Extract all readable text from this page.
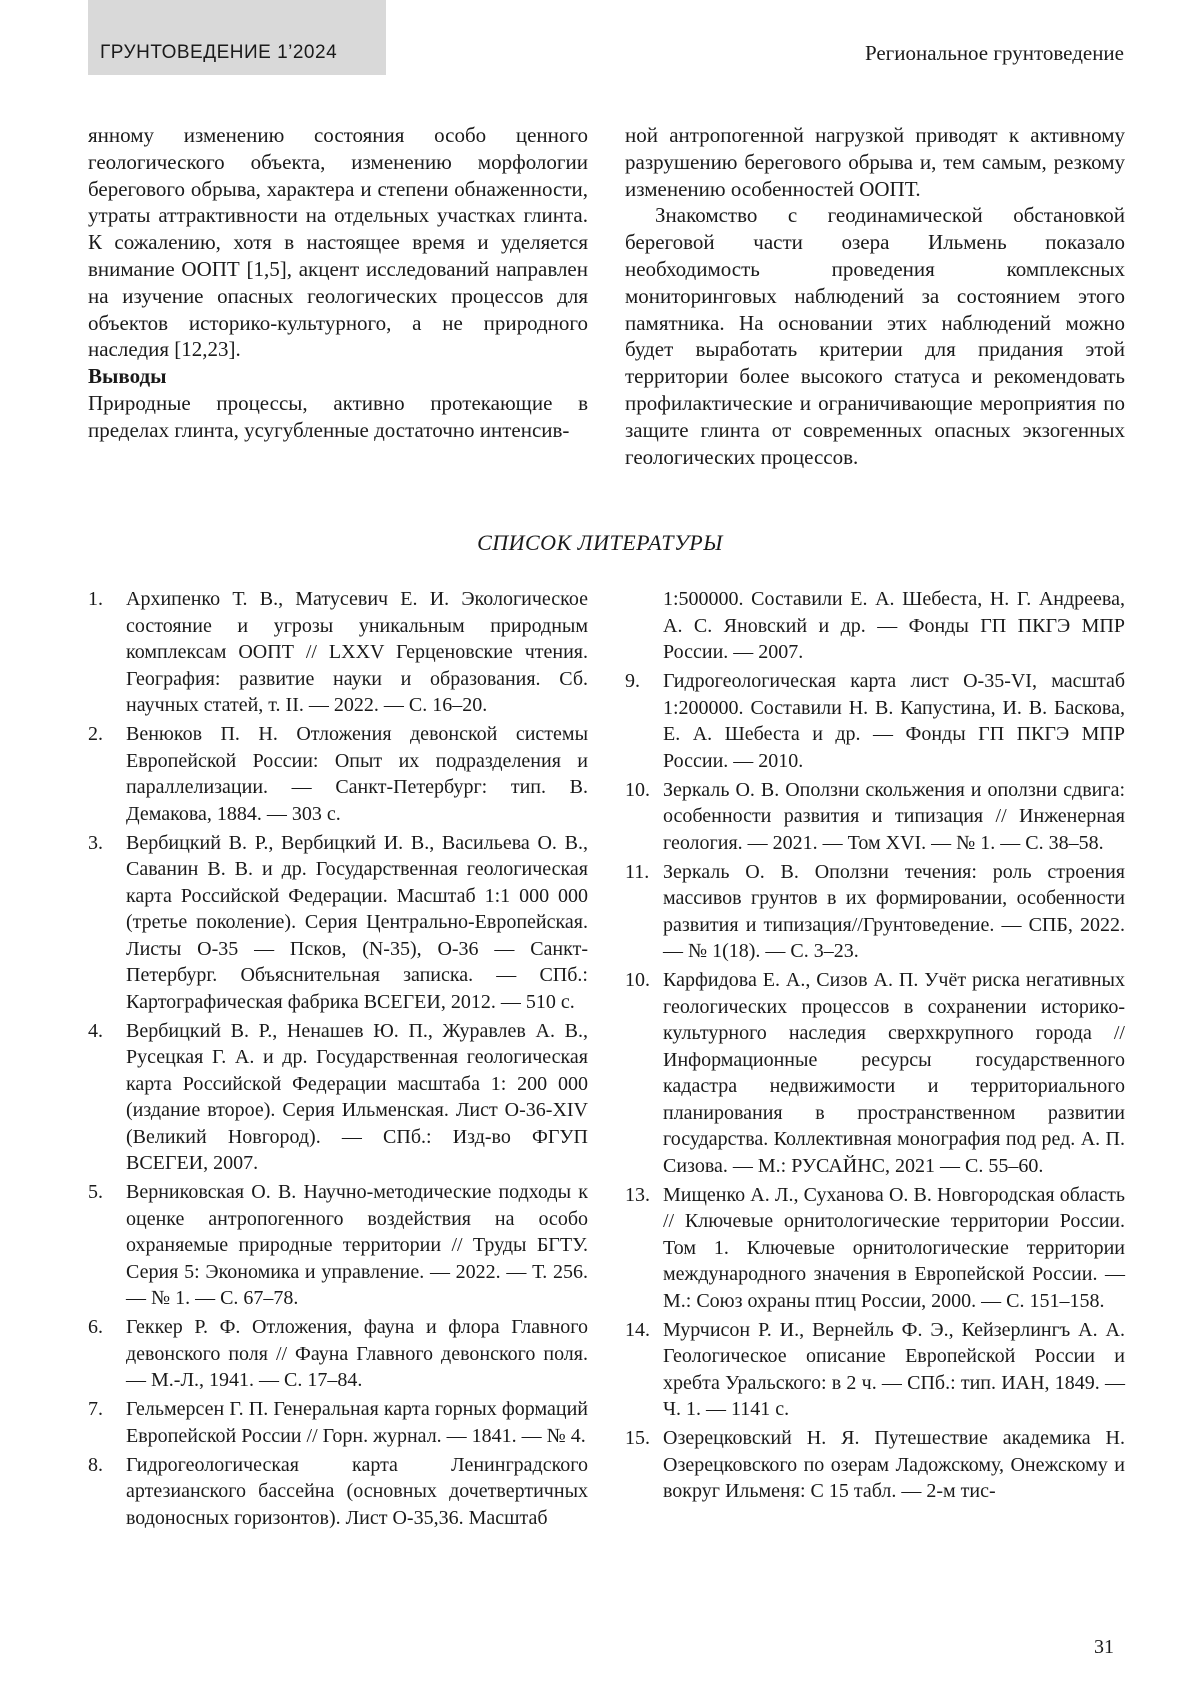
ГРУНТОВЕДЕНИЕ 1’2024	Региональное грунтоведение

янному изменению состояния особо ценного геологического объекта, изменению морфологии берегового обрыва, характера и степени обнаженности, утраты аттрактивности на отдельных участках глинта. К сожалению, хотя в настоящее время и уделяется внимание ООПТ [1,5], акцент исследований направлен на изучение опасных геологических процессов для объектов историко-культурного, а не природного наследия [12,23].

Выводы

Природные процессы, активно протекающие в пределах глинта, усугубленные достаточно интенсив-

ной антропогенной нагрузкой приводят к активному разрушению берегового обрыва и, тем самым, резкому изменению особенностей ООПТ.

Знакомство с геодинамической обстановкой береговой части озера Ильмень показало необходимость проведения комплексных мониторинговых наблюдений за состоянием этого памятника. На основании этих наблюдений можно будет выработать критерии для придания этой территории более высокого статуса и рекомендовать профилактические и ограничивающие мероприятия по защите глинта от современных опасных экзогенных геологических процессов.

СПИСОК ЛИТЕРАТУРЫ
1. Архипенко Т. В., Матусевич Е. И. Экологическое состояние и угрозы уникальным природным комплексам ООПТ // LXXV Герценовские чтения. География: развитие науки и образования. Сб. научных статей, т. II. — 2022. — С. 16–20.
2. Венюков П. Н. Отложения девонской системы Европейской России: Опыт их подразделения и параллелизации. — Санкт-Петербург: тип. В. Демакова, 1884. — 303 с.
3. Вербицкий В. Р., Вербицкий И. В., Васильева О. В., Саванин В. В. и др. Государственная геологическая карта Российской Федерации. Масштаб 1:1 000 000 (третье поколение). Серия Центрально-Европейская. Листы О-35 — Псков, (N-35), О-36 — Санкт-Петербург. Объяснительная записка. — СПб.: Картографическая фабрика ВСЕГЕИ, 2012. — 510 с.
4. Вербицкий В. Р., Ненашев Ю. П., Журавлев А. В., Русецкая Г. А. и др. Государственная геологическая карта Российской Федерации масштаба 1: 200 000 (издание второе). Серия Ильменская. Лист О-36-XIV (Великий Новгород). — СПб.: Изд-во ФГУП ВСЕГЕИ, 2007.
5. Верниковская О. В. Научно-методические подходы к оценке антропогенного воздействия на особо охраняемые природные территории // Труды БГТУ. Серия 5: Экономика и управление. — 2022. — Т. 256. — № 1. — С. 67–78.
6. Геккер Р. Ф. Отложения, фауна и флора Главного девонского поля // Фауна Главного девонского поля. — М.-Л., 1941. — С. 17–84.
7. Гельмерсен Г. П. Генеральная карта горных формаций Европейской России // Горн. журнал. — 1841. — № 4.
8. Гидрогеологическая карта Ленинградского артезианского бассейна (основных дочетвертичных водоносных горизонтов). Лист О-35,36. Масштаб
1:500000. Составили Е. А. Шебеста, Н. Г. Андреева, А. С. Яновский и др. — Фонды ГП ПКГЭ МПР России. — 2007.
9. Гидрогеологическая карта лист О-35-VI, масштаб 1:200000. Составили Н. В. Капустина, И. В. Баскова, Е. А. Шебеста и др. — Фонды ГП ПКГЭ МПР России. — 2010.
10. Зеркаль О. В. Оползни скольжения и оползни сдвига: особенности развития и типизация // Инженерная геология. — 2021. — Том XVI. — № 1. — С. 38–58.
11. Зеркаль О. В. Оползни течения: роль строения массивов грунтов в их формировании, особенности развития и типизация//Грунтоведение. — СПБ, 2022. — № 1(18). — С. 3–23.
10. Карфидова Е. А., Сизов А. П. Учёт риска негативных геологических процессов в сохранении историко- культурного наследия сверхкрупного города // Информационные ресурсы государственного кадастра недвижимости и территориального планирования в пространственном развитии государства. Коллективная монография под ред. А. П. Сизова. — М.: РУСАЙНС, 2021 — С. 55–60.
13. Мищенко А. Л., Суханова О. В. Новгородская область // Ключевые орнитологические территории России. Том 1. Ключевые орнитологические территории международного значения в Европейской России. — М.: Союз охраны птиц России, 2000. — С. 151–158.
14. Мурчисон Р. И., Вернейль Ф. Э., Кейзерлингъ А. А. Геологическое описание Европейской России и хребта Уральского: в 2 ч. — СПб.: тип. ИАН, 1849. — Ч. 1. — 1141 с.
15. Озерецковский Н. Я. Путешествие академика Н. Озерецковского по озерам Ладожскому, Онежскому и вокруг Ильменя: С 15 табл. — 2-м тис-
31
